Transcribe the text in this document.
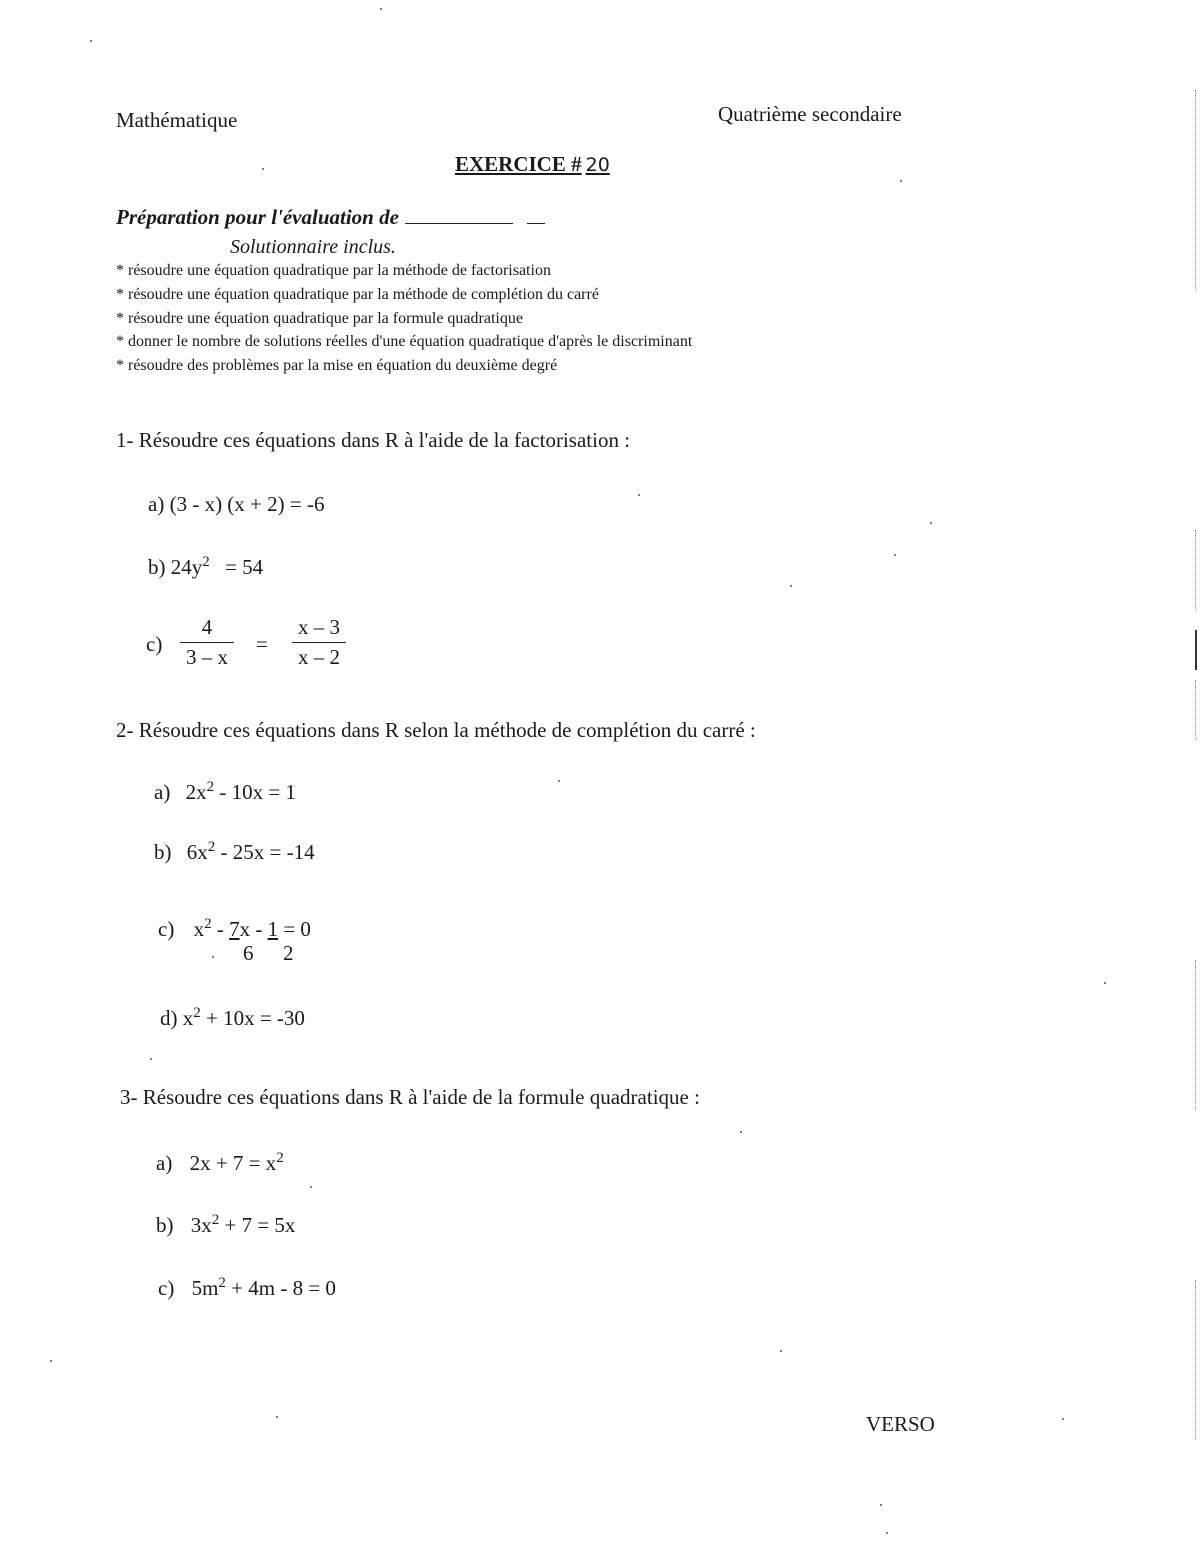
Mathématique	Quatrième secondaire
EXERCICE # 20
Préparation pour l'évaluation de
Solutionnaire inclus.
* résoudre une équation quadratique par la méthode de factorisation
* résoudre une équation quadratique par la méthode de complétion du carré
* résoudre une équation quadratique par la formule quadratique
* donner le nombre de solutions réelles d'une équation quadratique d'après le discriminant
* résoudre des problèmes par la mise en équation du deuxième degré
1- Résoudre ces équations dans R à l'aide de la factorisation :
a) (3 - x) (x + 2) = -6
b) $24y^2 = 54$
c)
4
3 – x
=
x – 3
x – 2
2- Résoudre ces équations dans R selon la méthode de complétion du carré :
a) $2x^2 - 10x = 1$
b) $6x^2 - 25x = -14$
c) $x^2 - 7x - 1 = 0$
6 2
d) $x^2 + 10x = -30$
3- Résoudre ces équations dans R à l'aide de la formule quadratique :
a) $2x + 7 = x^2$
b) $3x^2 + 7 = 5x$
c) $5m^2 + 4m - 8 = 0$
VERSO
